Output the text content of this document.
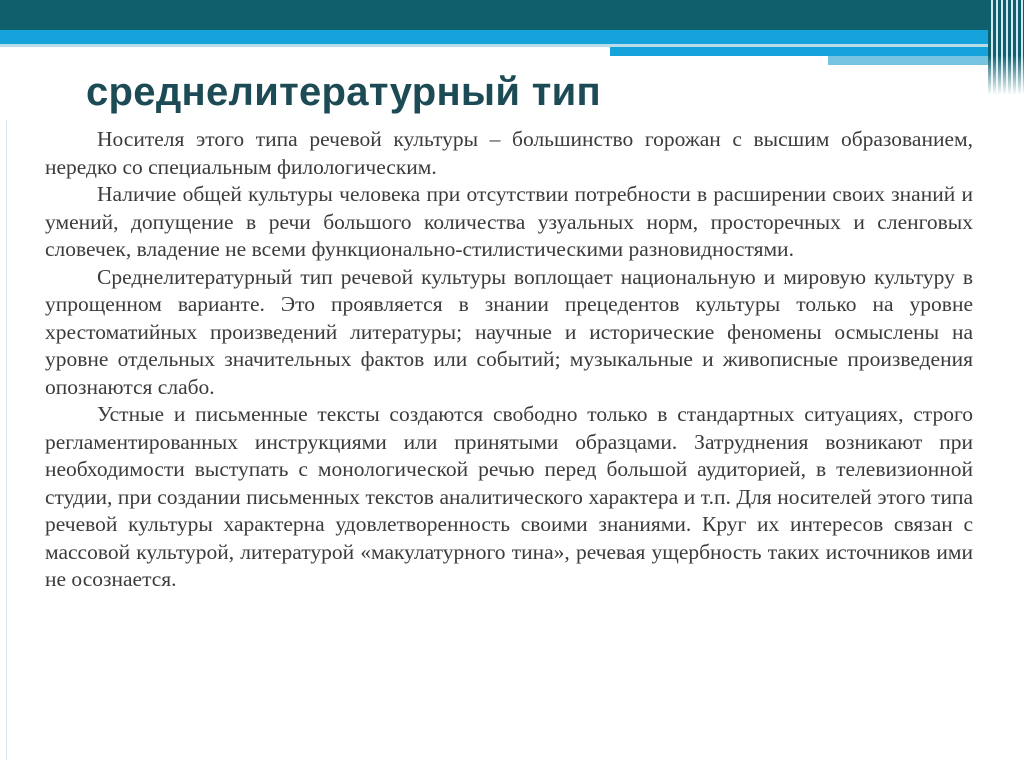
среднелитературный тип

Носителя этого типа речевой культуры – большинство горожан с высшим образованием, нередко со специальным филологическим.

Наличие общей культуры человека при отсутствии потребности в расширении своих знаний и умений, допущение в речи большого количества узуальных норм, просторечных и сленговых словечек, владение не всеми функционально-стилистическими разновидностями.

Среднелитературный тип речевой культуры воплощает национальную и мировую культуру в упрощенном варианте. Это проявляется в знании прецедентов культуры только на уровне хрестоматийных произведений литературы; научные и исторические феномены осмыслены на уровне отдельных значительных фактов или событий; музыкальные и живописные произведения опознаются слабо.

Устные и письменные тексты создаются свободно только в стандартных ситуациях, строго регламентированных инструкциями или принятыми образцами. Затруднения возникают при необходимости выступать с монологической речью перед большой аудиторией, в телевизионной студии, при создании письменных текстов аналитического характера и т.п. Для носителей этого типа речевой культуры характерна удовлетворенность своими знаниями. Круг их интересов связан с массовой культурой, литературой «макулатурного тина», речевая ущербность таких источников ими не осознается.
